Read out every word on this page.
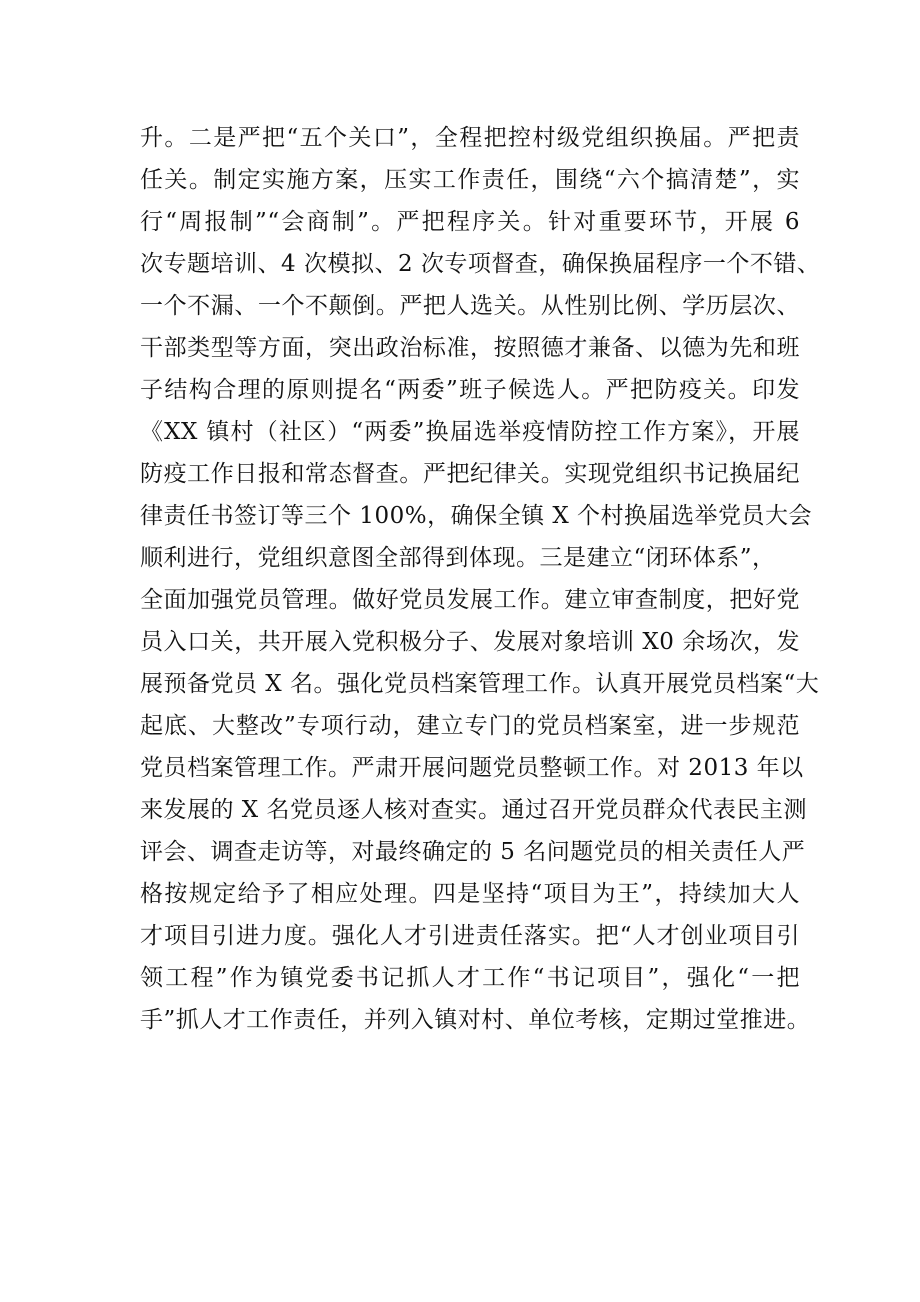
升。二是严把“五个关口”，全程把控村级党组织换届。严把责
任关。制定实施方案，压实工作责任，围绕“六个搞清楚”，实
行“周报制”“会商制”。严把程序关。针对重要环节，开展 6
次专题培训、4 次模拟、2 次专项督查，确保换届程序一个不错、
一个不漏、一个不颠倒。严把人选关。从性别比例、学历层次、
干部类型等方面，突出政治标准，按照德才兼备、以德为先和班
子结构合理的原则提名“两委”班子候选人。严把防疫关。印发
《XX 镇村（社区）“两委”换届选举疫情防控工作方案》，开展
防疫工作日报和常态督查。严把纪律关。实现党组织书记换届纪
律责任书签订等三个 100%，确保全镇 X 个村换届选举党员大会
顺利进行，党组织意图全部得到体现。三是建立“闭环体系”，
全面加强党员管理。做好党员发展工作。建立审查制度，把好党
员入口关，共开展入党积极分子、发展对象培训 X0 余场次，发
展预备党员 X 名。强化党员档案管理工作。认真开展党员档案“大
起底、大整改”专项行动，建立专门的党员档案室，进一步规范
党员档案管理工作。严肃开展问题党员整顿工作。对 2013 年以
来发展的 X 名党员逐人核对查实。通过召开党员群众代表民主测
评会、调查走访等，对最终确定的 5 名问题党员的相关责任人严
格按规定给予了相应处理。四是坚持“项目为王”，持续加大人
才项目引进力度。强化人才引进责任落实。把“人才创业项目引
领工程”作为镇党委书记抓人才工作“书记项目”，强化“一把
手”抓人才工作责任，并列入镇对村、单位考核，定期过堂推进。
